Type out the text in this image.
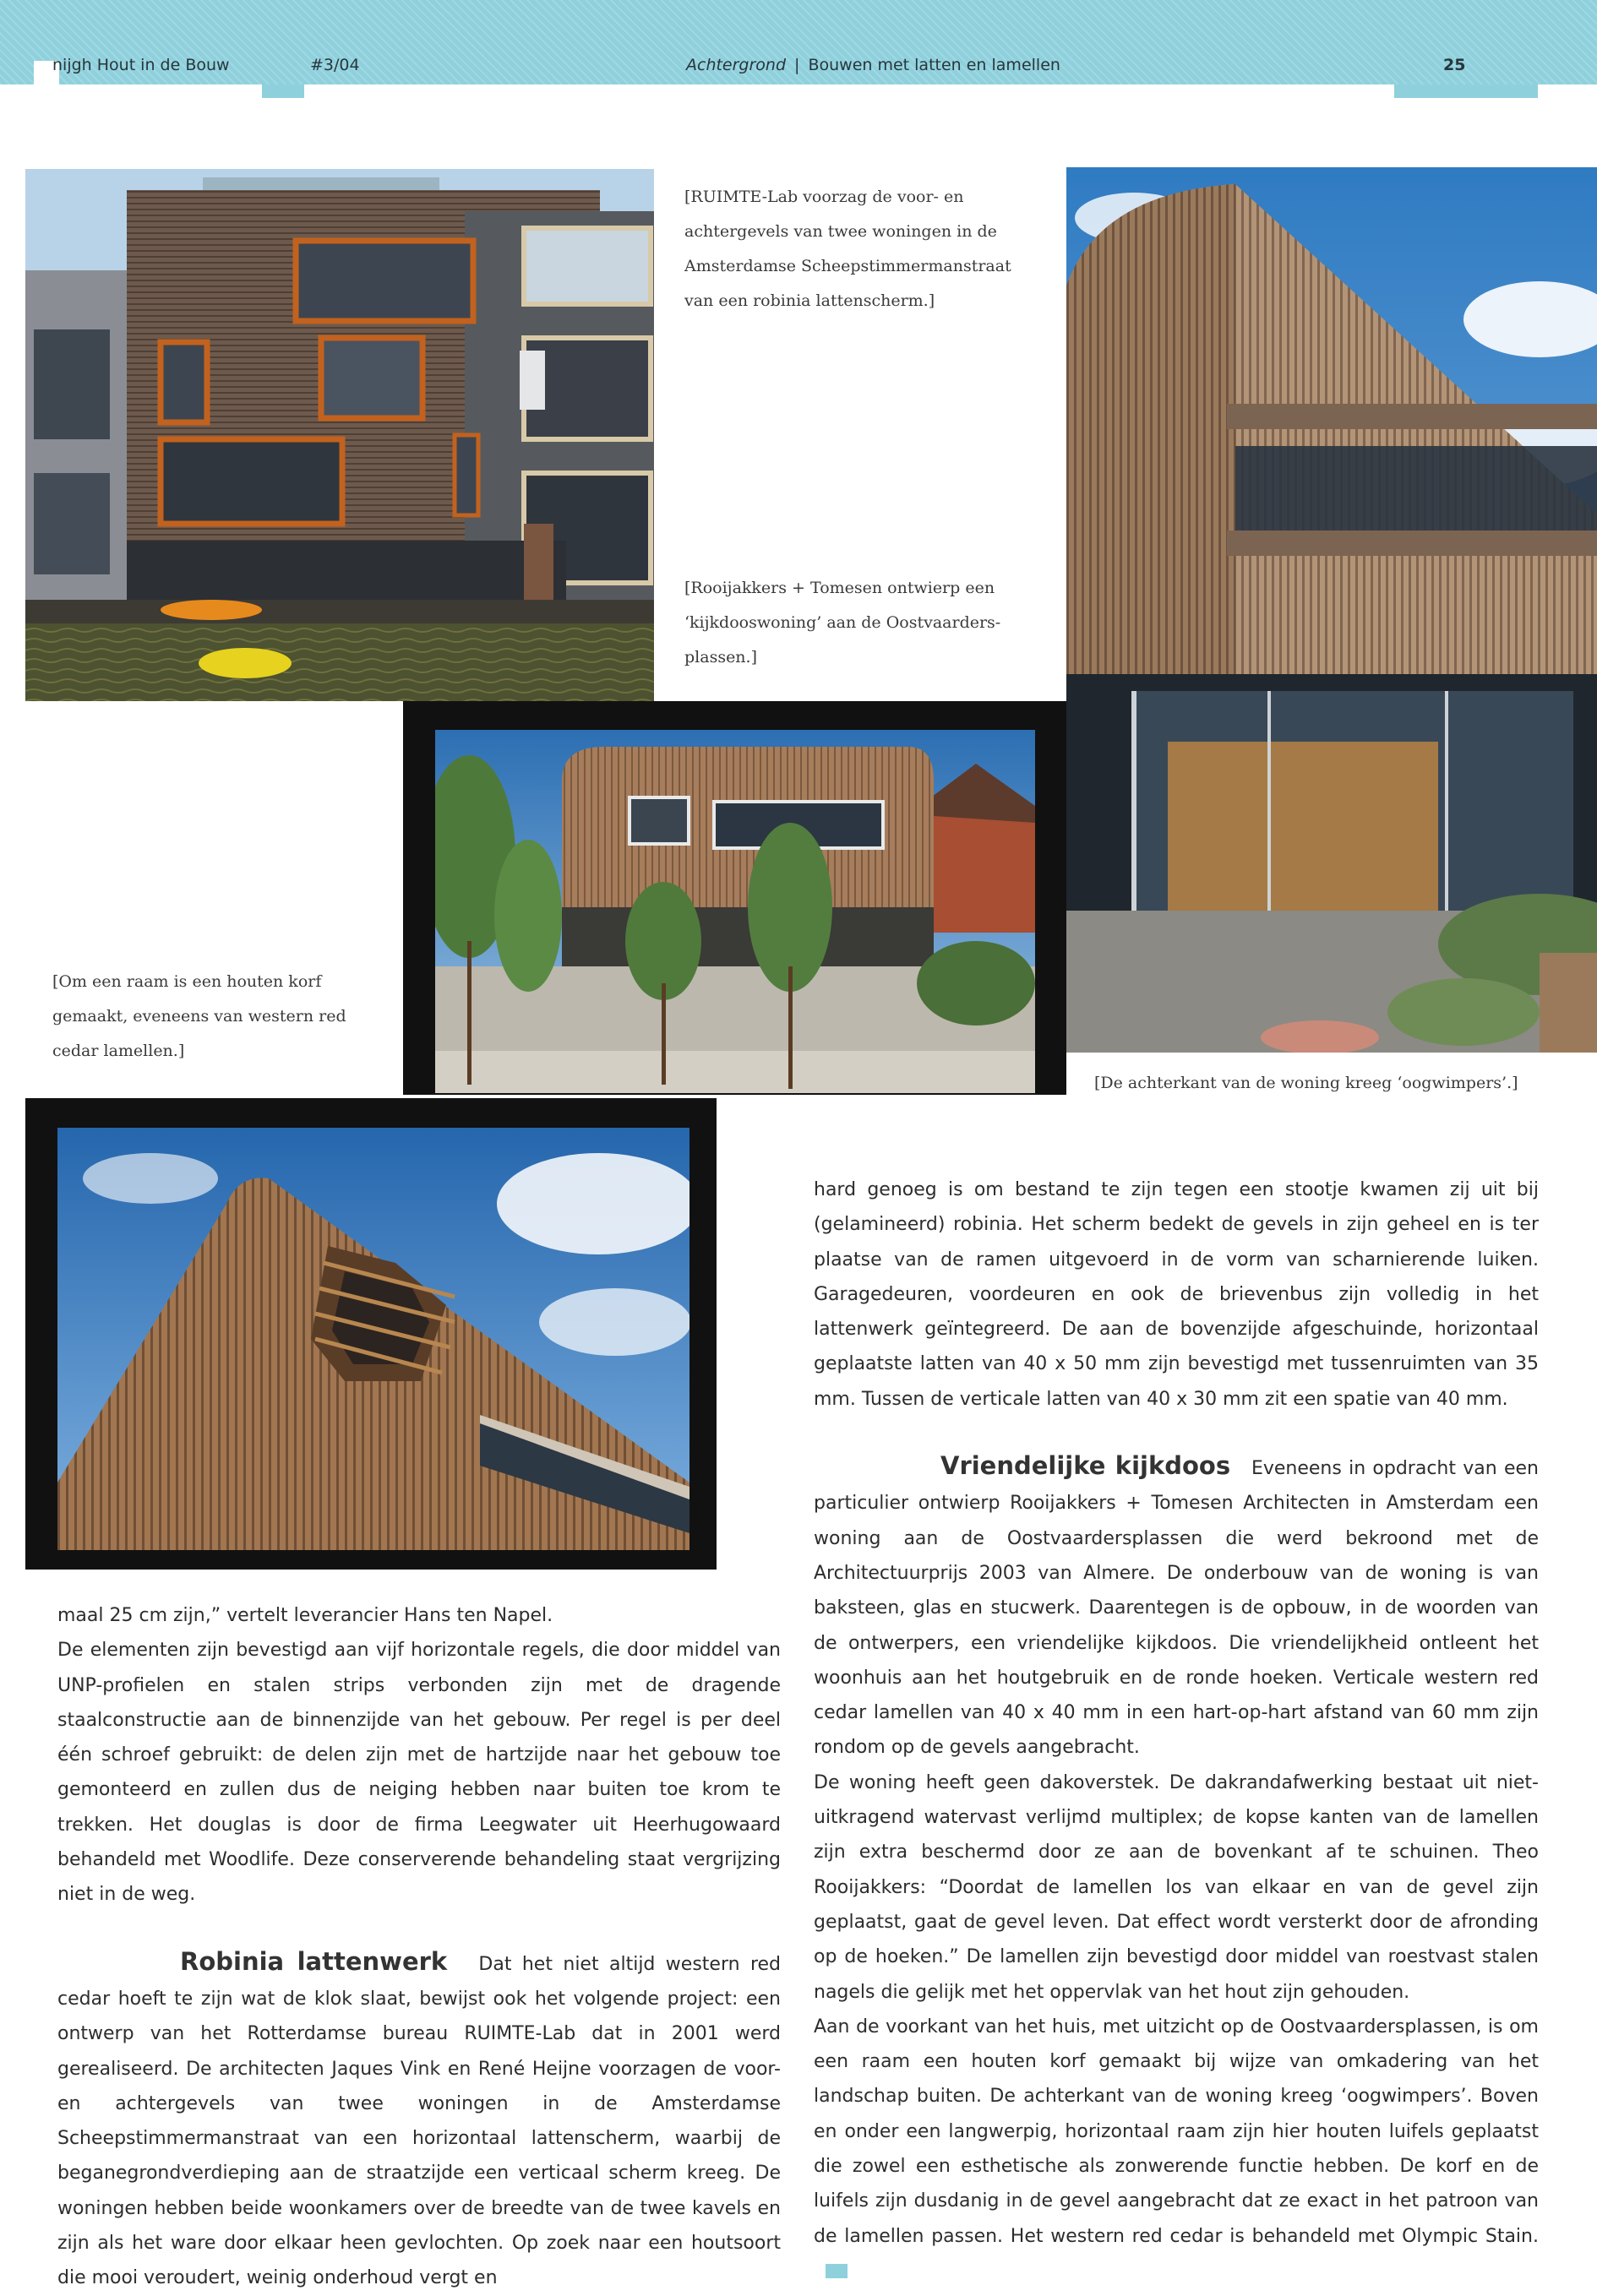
nijgh Hout in de Bouw	#3/04	Achtergrond | Bouwen met latten en lamellen	25

[RUIMTE-Lab voorzag de voor- en achtergevels van twee woningen in de Amsterdamse Scheepstimmermanstraat van een robinia lattenscherm.]

[Rooijakkers + Tomesen ontwierp een ‘kijkdooswoning’ aan de Oostvaarders-plassen.]

[Om een raam is een houten korf gemaakt, eveneens van western red cedar lamellen.]

[De achterkant van de woning kreeg ‘oogwimpers’.]

maal 25 cm zijn,” vertelt leverancier Hans ten Napel.

De elementen zijn bevestigd aan vijf horizontale regels, die door middel van UNP-profielen en stalen strips verbonden zijn met de dragende staalconstructie aan de binnenzijde van het gebouw. Per regel is per deel één schroef gebruikt: de delen zijn met de hartzijde naar het gebouw toe gemonteerd en zullen dus de neiging hebben naar buiten toe krom te trekken. Het douglas is door de firma Leegwater uit Heerhugowaard behandeld met Woodlife. Deze conserverende behandeling staat vergrijzing niet in de weg.

Robinia lattenwerk Dat het niet altijd western red cedar hoeft te zijn wat de klok slaat, bewijst ook het volgende project: een ontwerp van het Rotterdamse bureau RUIMTE-Lab dat in 2001 werd gerealiseerd. De architecten Jaques Vink en René Heijne voorzagen de voor- en achtergevels van twee woningen in de Amsterdamse Scheepstimmermanstraat van een horizontaal lattenscherm, waarbij de beganegrondverdieping aan de straatzijde een verticaal scherm kreeg. De woningen hebben beide woonkamers over de breedte van de twee kavels en zijn als het ware door elkaar heen gevlochten. Op zoek naar een houtsoort die mooi veroudert, weinig onderhoud vergt en

hard genoeg is om bestand te zijn tegen een stootje kwamen zij uit bij (gelamineerd) robinia. Het scherm bedekt de gevels in zijn geheel en is ter plaatse van de ramen uitgevoerd in de vorm van scharnierende luiken. Garagedeuren, voordeuren en ook de brievenbus zijn volledig in het lattenwerk geïntegreerd. De aan de bovenzijde afgeschuinde, horizontaal geplaatste latten van 40 x 50 mm zijn bevestigd met tussenruimten van 35 mm. Tussen de verticale latten van 40 x 30 mm zit een spatie van 40 mm.

Vriendelijke kijkdoos Eveneens in opdracht van een particulier ontwierp Rooijakkers + Tomesen Architecten in Amsterdam een woning aan de Oostvaardersplassen die werd bekroond met de Architectuurprijs 2003 van Almere. De onderbouw van de woning is van baksteen, glas en stucwerk. Daarentegen is de opbouw, in de woorden van de ontwerpers, een vriendelijke kijkdoos. Die vriendelijkheid ontleent het woonhuis aan het houtgebruik en de ronde hoeken. Verticale western red cedar lamellen van 40 x 40 mm in een hart-op-hart afstand van 60 mm zijn rondom op de gevels aangebracht.

De woning heeft geen dakoverstek. De dakrandafwerking bestaat uit niet-uitkragend watervast verlijmd multiplex; de kopse kanten van de lamellen zijn extra beschermd door ze aan de bovenkant af te schuinen. Theo Rooijakkers: “Doordat de lamellen los van elkaar en van de gevel zijn geplaatst, gaat de gevel leven. Dat effect wordt versterkt door de afronding op de hoeken.” De lamellen zijn bevestigd door middel van roestvast stalen nagels die gelijk met het oppervlak van het hout zijn gehouden.

Aan de voorkant van het huis, met uitzicht op de Oostvaardersplassen, is om een raam een houten korf gemaakt bij wijze van omkadering van het landschap buiten. De achterkant van de woning kreeg ‘oogwimpers’. Boven en onder een langwerpig, horizontaal raam zijn hier houten luifels geplaatst die zowel een esthetische als zonwerende functie hebben. De korf en de luifels zijn dusdanig in de gevel aangebracht dat ze exact in het patroon van de lamellen passen. Het western red cedar is behandeld met Olympic Stain.
